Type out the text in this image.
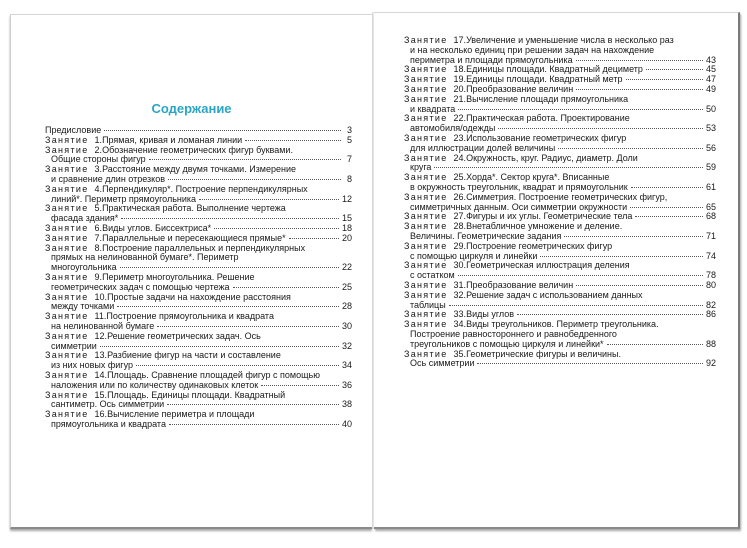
Содержание
Предисловие	3
Занятие 1. Прямая, кривая и ломаная линии	5
Занятие 2. Обозначение геометрических фигур буквами.
Общие стороны фигур	7
Занятие 3. Расстояние между двумя точками. Измерение
и сравнение длин отрезков	8
Занятие 4. Перпендикуляр*. Построение перпендикулярных
линий*. Периметр прямоугольника	12
Занятие 5. Практическая работа. Выполнение чертежа
фасада здания*	15
Занятие 6. Виды углов. Биссектриса*	18
Занятие 7. Параллельные и пересекающиеся прямые*	20
Занятие 8. Построение параллельных и перпендикулярных
прямых на нелинованной бумаге*. Периметр
многоугольника	22
Занятие 9. Периметр многоугольника. Решение
геометрических задач с помощью чертежа	25
Занятие 10. Простые задачи на нахождение расстояния
между точками	28
Занятие 11. Построение прямоугольника и квадрата
на нелинованной бумаге	30
Занятие 12. Решение геометрических задач. Ось
симметрии	32
Занятие 13. Разбиение фигур на части и составление
из них новых фигур	34
Занятие 14. Площадь. Сравнение площадей фигур с помощью
наложения или по количеству одинаковых клеток	36
Занятие 15. Площадь. Единицы площади. Квадратный
сантиметр. Ось симметрии	38
Занятие 16. Вычисление периметра и площади
прямоугольника и квадрата	40
Занятие 17. Увеличение и уменьшение числа в несколько раз
и на несколько единиц при решении задач на нахождение
периметра и площади прямоугольника	43
Занятие 18. Единицы площади. Квадратный дециметр	45
Занятие 19. Единицы площади. Квадратный метр	47
Занятие 20. Преобразование величин	49
Занятие 21. Вычисление площади прямоугольника
и квадрата	50
Занятие 22. Практическая работа. Проектирование
автомобиля/одежды	53
Занятие 23. Использование геометрических фигур
для иллюстрации долей величины	56
Занятие 24. Окружность, круг. Радиус, диаметр. Доли
круга	59
Занятие 25. Хорда*. Сектор круга*. Вписанные
в окружность треугольник, квадрат и прямоугольник	61
Занятие 26. Симметрия. Построение геометрических фигур,
симметричных данным. Оси симметрии окружности	65
Занятие 27. Фигуры и их углы. Геометрические тела	68
Занятие 28. Внетабличное умножение и деление.
Величины. Геометрические задания	71
Занятие 29. Построение геометрических фигур
с помощью циркуля и линейки	74
Занятие 30. Геометрическая иллюстрация деления
с остатком	78
Занятие 31. Преобразование величин	80
Занятие 32. Решение задач с использованием данных
таблицы	82
Занятие 33. Виды углов	86
Занятие 34. Виды треугольников. Периметр треугольника.
Построение равностороннего и равнобедренного
треугольников с помощью циркуля и линейки*	88
Занятие 35. Геометрические фигуры и величины.
Ось симметрии	92
